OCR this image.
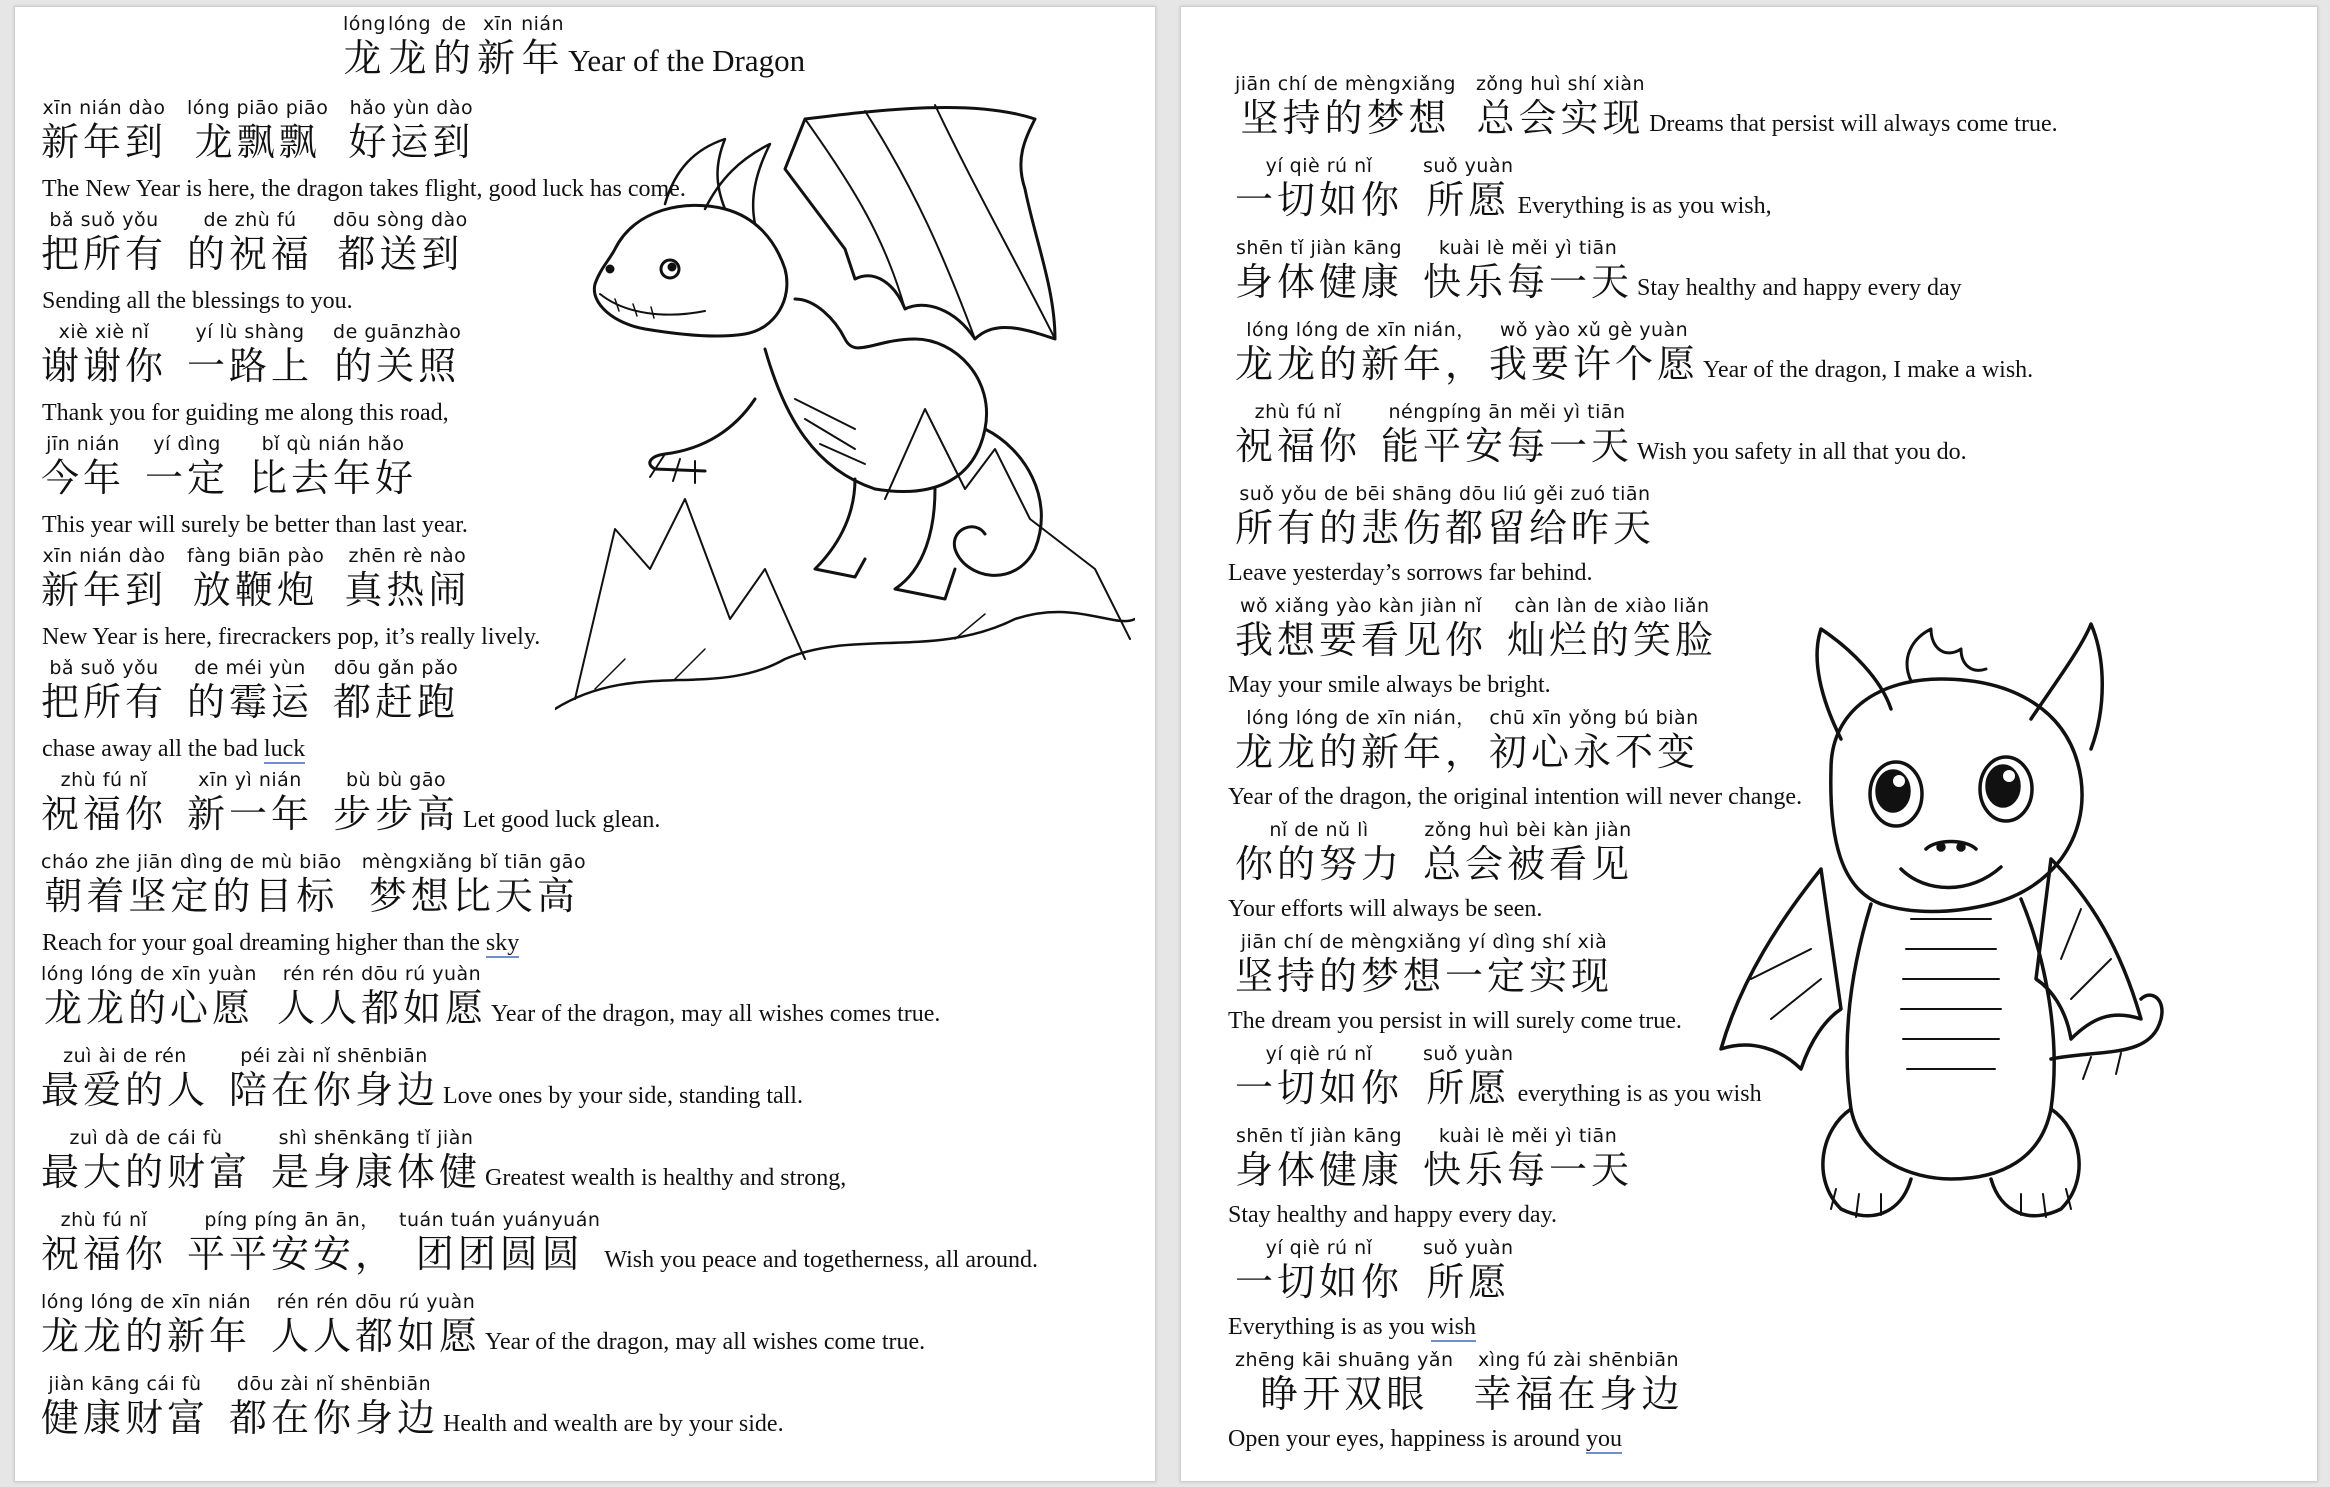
lóng
龙
lóng
龙
de
的
xīn
新
nián
年 Year of the Dragon
xīn nián dào
新年到
lóng piāo piāo
龙飘飘
hǎo yùn dào
好运到
The New Year is here, the dragon takes flight, good luck has come.
bǎ suǒ yǒu
把所有
de zhù fú
的祝福
dōu sòng dào
都送到
Sending all the blessings to you.
xiè xiè nǐ
谢谢你
yí lù shàng
一路上
de guānzhào
的关照
Thank you for guiding me along this road,
jīn nián
今年
yí dìng
一定
bǐ qù nián hǎo
比去年好
This year will surely be better than last year.
xīn nián dào
新年到
fàng biān pào
放鞭炮
zhēn rè nào
真热闹
New Year is here, firecrackers pop, it’s really lively.
bǎ suǒ yǒu
把所有
de méi yùn
的霉运
dōu gǎn pǎo
都赶跑
chase away all the bad luck
zhù fú nǐ
祝福你
xīn yì nián
新一年
bù bù gāo
步步高 Let good luck glean.
cháo zhe jiān dìng de mù biāo
朝着坚定的目标
mèngxiǎng bǐ tiān gāo
梦想比天高
Reach for your goal dreaming higher than the sky
lóng lóng de xīn yuàn
龙龙的心愿
rén rén dōu rú yuàn
人人都如愿 Year of the dragon, may all wishes comes true.
zuì ài de rén
最爱的人
péi zài nǐ shēnbiān
陪在你身边 Love ones by your side, standing tall.
zuì dà de cái fù
最大的财富
shì shēnkāng tǐ jiàn
是身康体健 Greatest wealth is healthy and strong,
zhù fú nǐ
祝福你
píng píng ān ān，
平平安安，
tuán tuán yuányuán
团团圆圆 Wish you peace and togetherness, all around.
lóng lóng de xīn nián
龙龙的新年
rén rén dōu rú yuàn
人人都如愿 Year of the dragon, may all wishes come true.
jiàn kāng cái fù
健康财富
dōu zài nǐ shēnbiān
都在你身边 Health and wealth are by your side.
jiān chí de mèngxiǎng
坚持的梦想
zǒng huì shí xiàn
总会实现 Dreams that persist will always come true.
yí qiè rú nǐ
一切如你
suǒ yuàn
所愿 Everything is as you wish,
shēn tǐ jiàn kāng
身体健康
kuài lè měi yì tiān
快乐每一天 Stay healthy and happy every day
lóng lóng de xīn nián，
龙龙的新年，
wǒ yào xǔ gè yuàn
我要许个愿 Year of the dragon, I make a wish.
zhù fú nǐ
祝福你
néngpíng ān měi yì tiān
能平安每一天 Wish you safety in all that you do.
suǒ yǒu de bēi shāng dōu liú gěi zuó tiān
所有的悲伤都留给昨天
Leave yesterday’s sorrows far behind.
wǒ xiǎng yào kàn jiàn nǐ
我想要看见你
càn làn de xiào liǎn
灿烂的笑脸
May your smile always be bright.
lóng lóng de xīn nián，
龙龙的新年，
chū xīn yǒng bú biàn
初心永不变
Year of the dragon, the original intention will never change.
nǐ de nǔ lì
你的努力
zǒng huì bèi kàn jiàn
总会被看见
Your efforts will always be seen.
jiān chí de mèngxiǎng yí dìng shí xià
坚持的梦想一定实现
The dream you persist in will surely come true.
yí qiè rú nǐ
一切如你
suǒ yuàn
所愿 everything is as you wish
shēn tǐ jiàn kāng
身体健康
kuài lè měi yì tiān
快乐每一天
Stay healthy and happy every day.
yí qiè rú nǐ
一切如你
suǒ yuàn
所愿
Everything is as you wish
zhēng kāi shuāng yǎn
睁开双眼
xìng fú zài shēnbiān
幸福在身边
Open your eyes, happiness is around you
